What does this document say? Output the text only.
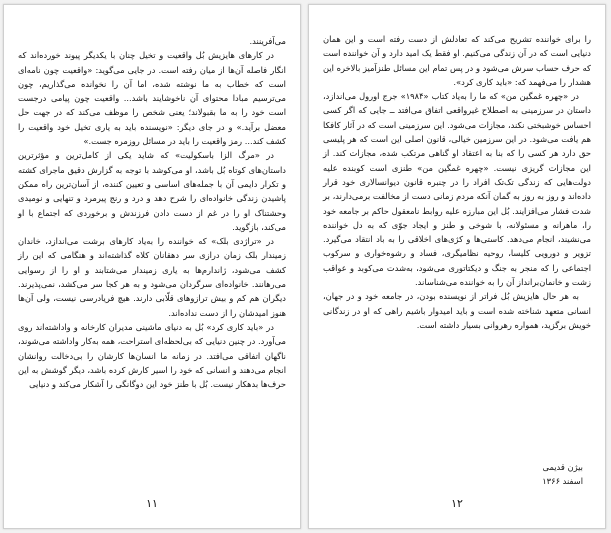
را برای خواننده تشریح می‌کند که تعادلش از دست رفته است و این همان دنیایی است که در آن زندگی می‌کنیم. او فقط یک امید دارد و آن خواننده است که حرف حساب سرش می‌شود و در پس تمام این مسائل طنزآمیز بالاخره این هشدار را می‌فهمد که: «باید کاری کرد».

در «چهره غمگین من» که ما را به‌یاد کتاب «۱۹۸۴» جرج اورول می‌اندازد، داستان در سرزمینی به اصطلاح غیرواقعی اتفاق می‌افتد ــ جایی که اگر کسی احساس خوشبختی نکند، مجازات می‌شود. این سرزمینی است که در آثار کافکا هم یافت می‌شود. در این سرزمین خیالی، قانون اصلی این است که هر پلیسی حق دارد هر کسی را که بنا به اعتقاد او گناهی مرتکب شده، مجازات کند. از این مجازات گریزی نیست. «چهره غمگین من» طنزی است کوبنده علیه دولت‌هایی که زندگی تک‌تک افراد را در چنبره قانون دیوانسالاری خود قرار داده‌اند و روز به روز به گمان آنکه مردم زمانی دست از مخالفت برمی‌دارند، بر شدت فشار می‌افزایند. بُل این مبارزه علیه روابط نامعقول حاکم بر جامعه خود را، ماهرانه و مسئولانه، با شوخی و طنز و ایجاد جوّی که به دل خواننده می‌نشیند، انجام می‌دهد. کاستی‌ها و کژی‌های اخلاقی را به باد انتقاد می‌گیرد. تزویر و دورویی کلیسا، روحیه نظامیگری، فساد و رشوه‌خواری و سرکوب اجتماعی را که منجر به جنگ و دیکتاتوری می‌شود، به‌شدت می‌کوبد و عواقب زشت و خانمان‌برانداز آن را به خواننده می‌شناساند.

به هر حال هایزیش بُل فراتر از نویسنده بودن، در جامعه خود و در جهان، انسانی متعهد شناخته شده است و باید امیدوار باشیم راهی که او در زندگانی خویش برگزید، همواره رهروانی بسیار داشته است.

بیژن قدیمی
اسفند ۱۳۶۶
۱۲

می‌آفرینند.

در کارهای هایزیش بُل واقعیت و تخیل چنان با یکدیگر پیوند خورده‌اند که انگار فاصله آن‌ها از میان رفته است. در جایی می‌گوید: «واقعیت چون نامه‌ای است که خطاب به ما نوشته شده، اما آن را نخوانده می‌گذاریم، چون می‌ترسیم مبادا محتوای آن ناخوشایند باشد... واقعیت چون پیامی درجست است خود را به ما بقبولاند؛ یعنی شخص را موظف می‌کند که در جهت حل معضل برآید.» و در جای دیگر: «نویسنده باید به یاری تخیل خود واقعیت را کشف کند... رمز واقعیت را باید در مسائل روزمره جست.»

در «مرگ الزا باسکولیت» که شاید یکی از کامل‌ترین و مؤثرترین داستان‌های کوتاه بُل باشد، او می‌کوشد با توجه به گزارش دقیق ماجرای کشته و تکرار دایمی آن با جمله‌های اساسی و تعیین کننده، از آسان‌ترین راه ممکن پاشیدن زندگی خانواده‌ای را شرح دهد و درد و رنج پیرمرد و تنهایی و نومیدی وحشتناک او را در غم از دست دادن فرزندش و برخوردی که اجتماع با او می‌کند، بازگوید.

در «تراژدی بلک» که خواننده را به‌یاد کارهای برشت می‌اندازد، خاندان زمیندار بلک زمان درازی سر دهقانان کلاه گذاشته‌اند و هنگامی که این راز کشف می‌شود، ژاندارم‌ها به یاری زمیندار می‌شتابند و او را از رسوایی می‌رهانند. خانواده‌ای سرگردان می‌شود و به هر کجا سر می‌کشد، نمی‌پذیرند. دیگران هم کم و بیش ترازوهای قلّابی دارند. هیچ فریادرسی نیست، ولی آن‌ها هنوز امیدشان را از دست نداده‌اند.

در «باید کاری کرد» بُل به دنیای ماشینی مدیران کارخانه و واداشته‌اند روی می‌آورد. در چنین دنیایی که بی‌لحظه‌ای استراحت، همه به‌کار واداشته می‌شوند، ناگهان اتفاقی می‌افتد. در زمانه ما انسان‌ها کارشان را بی‌دخالت روانشان انجام می‌دهند و انسانی که خود را اسیر کارش کرده باشد، دیگر گوشش به این حرف‌ها بدهکار نیست. بُل با طنز خود این دوگانگی را آشکار می‌کند و دنیایی

۱۱
